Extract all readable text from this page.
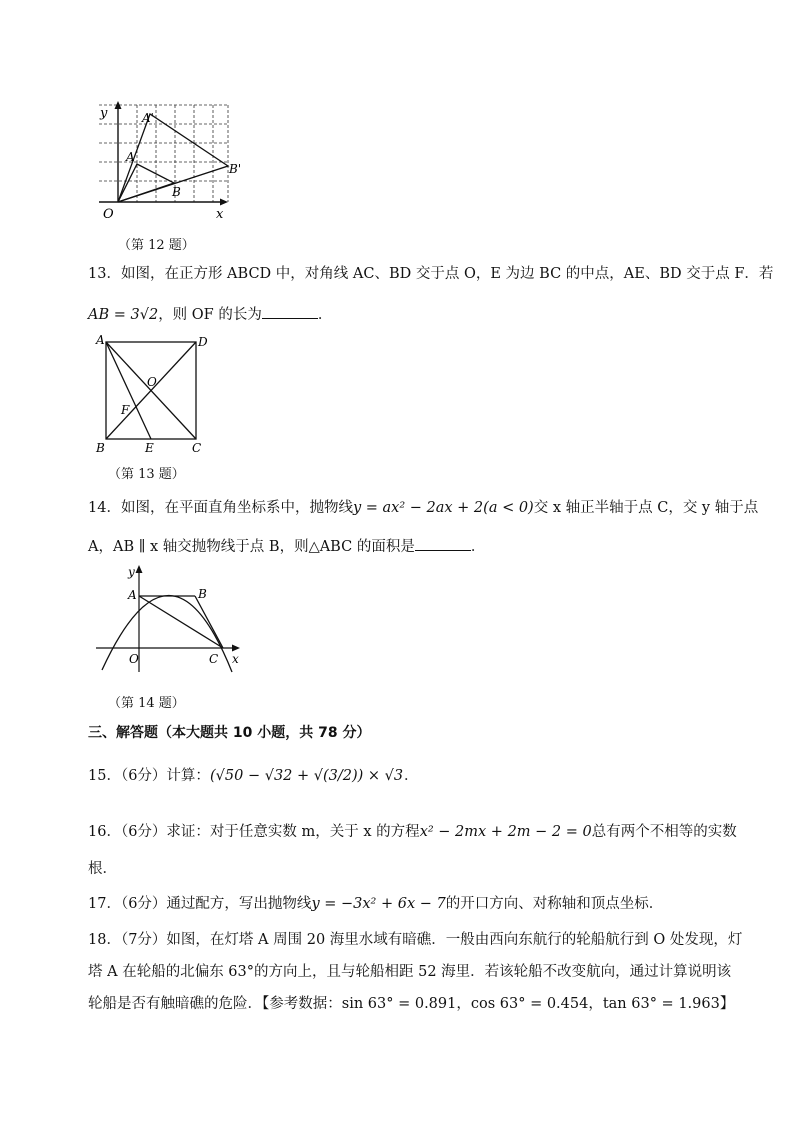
y	A'
A
B
B'
O	x
（第 12 题）
13．如图，在正方形 ABCD 中，对角线 AC、BD 交于点 O，E 为边 BC 的中点，AE、BD 交于点 F．若
AB = 3√2，则 OF 的长为	．
A	D
O
F
B	E	C
（第 13 题）
14．如图，在平面直角坐标系中，抛物线y = ax² − 2ax + 2(a < 0)交 x 轴正半轴于点 C，交 y 轴于点
A，AB ∥ x 轴交抛物线于点 B，则△ABC 的面积是	．
y
A	B
O	C x
（第 14 题）
三、解答题（本大题共 10 小题，共 78 分）
15．（6分）计算： (√50 − √32 + √(3/2)) × √3 ．
16．（6分）求证：对于任意实数 m，关于 x 的方程x² − 2mx + 2m − 2 = 0总有两个不相等的实数
根．
17．（6分）通过配方，写出抛物线y = −3x² + 6x − 7的开口方向、对称轴和顶点坐标．
18．（7分）如图，在灯塔 A 周围 20 海里水域有暗礁．一般由西向东航行的轮船航行到 O 处发现，灯
塔 A 在轮船的北偏东 63°的方向上，且与轮船相距 52 海里．若该轮船不改变航向，通过计算说明该
轮船是否有触暗礁的危险．【参考数据：sin 63° = 0.891，cos 63° = 0.454，tan 63° = 1.963】
